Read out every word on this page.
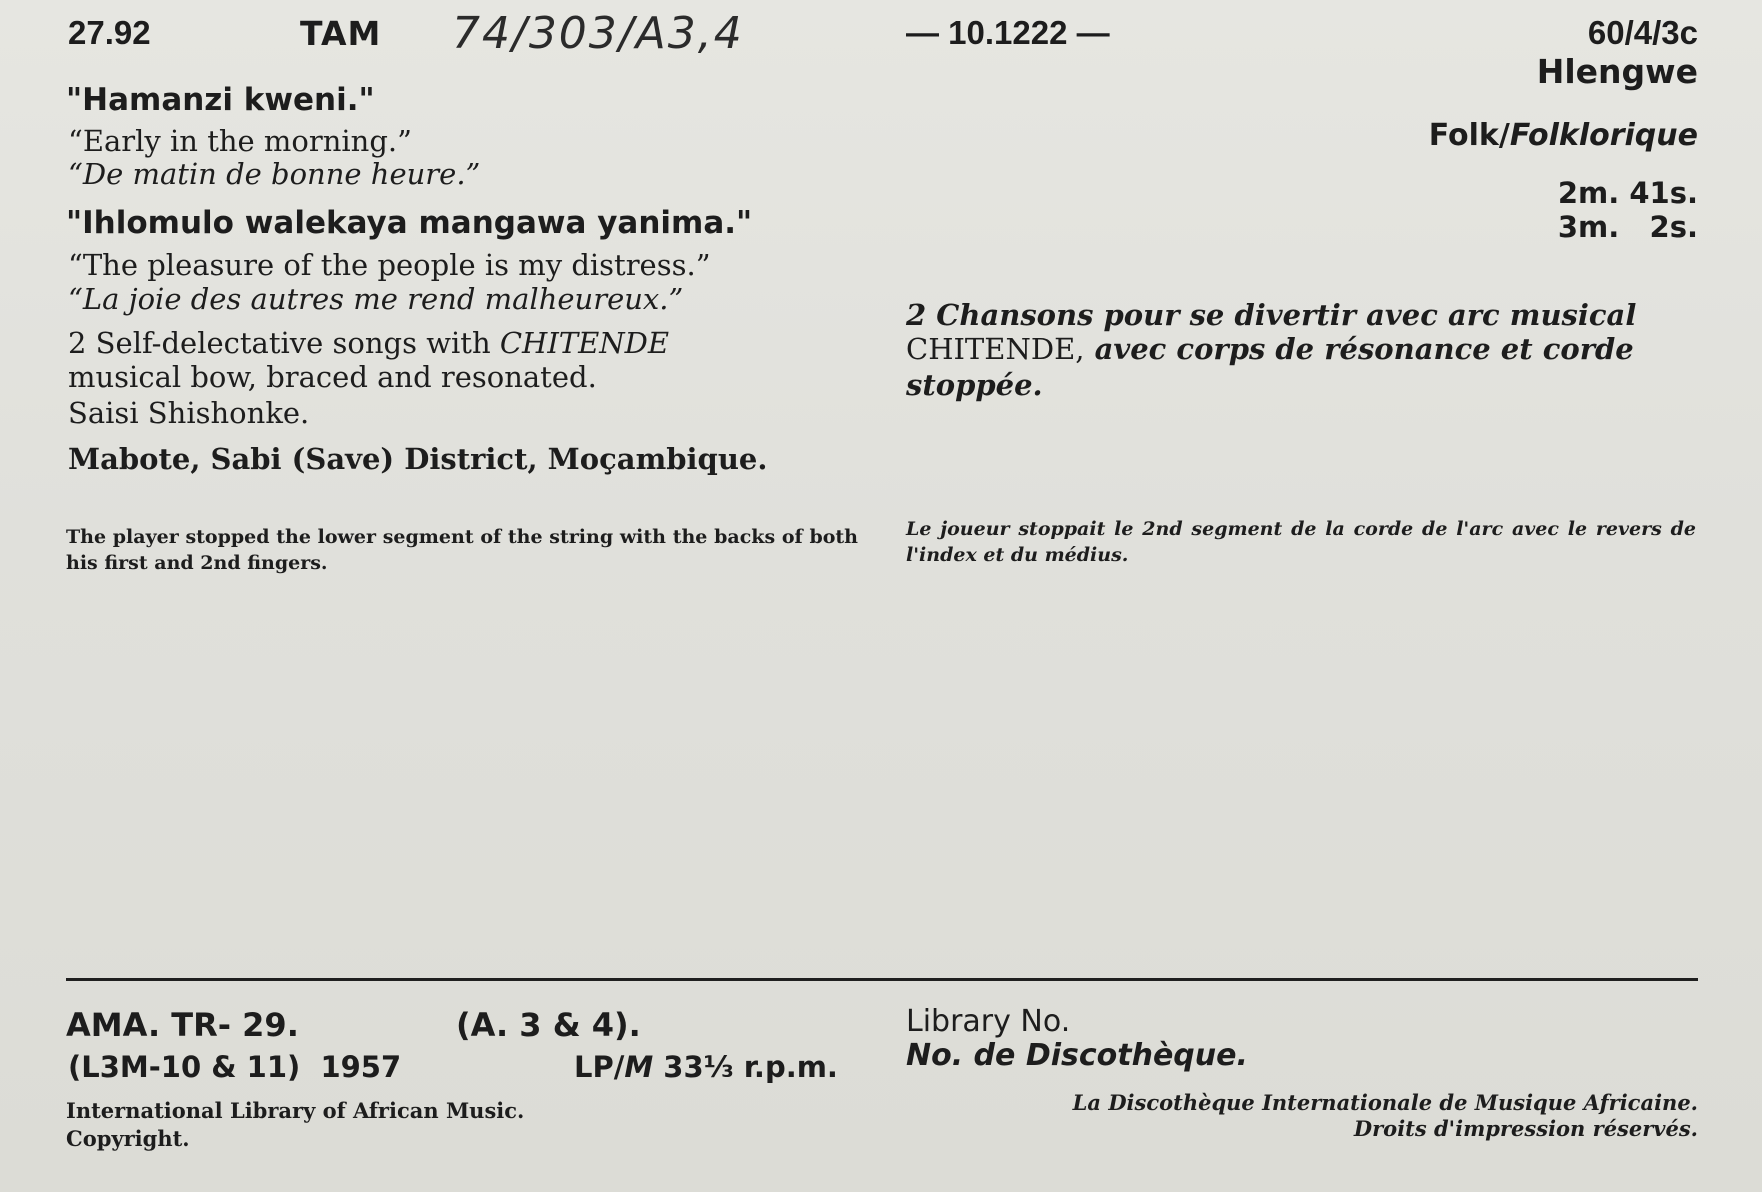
27.92	TAM 74/303/A3,4	— 10.1222 —	60/4/3c
Hlengwe
Folk/Folklorique
2m. 41s.
3m.   2s.
"Hamanzi kweni."
“Early in the morning.”
“De matin de bonne heure.”
"Ihlomulo walekaya mangawa yanima."
“The pleasure of the people is my distress.”
“La joie des autres me rend malheureux.”
2 Self-delectative songs with CHITENDE
musical bow, braced and resonated.
Saisi Shishonke.
Mabote, Sabi (Save) District, Moçambique.
2 Chansons pour se divertir avec arc musical
CHITENDE, avec corps de résonance et corde
stoppée.
The player stopped the lower segment of the string with the backs of both his first and 2nd fingers.
Le joueur stoppait le 2nd segment de la corde de l'arc avec le revers de l'index et du médius.
AMA. TR- 29.	(A. 3 & 4).
(L3M-10 & 11)  1957	LP/M 33⅓ r.p.m.
Library No.
No. de Discothèque.
International Library of African Music.
Copyright.
La Discothèque Internationale de Musique Africaine.
Droits d'impression réservés.
